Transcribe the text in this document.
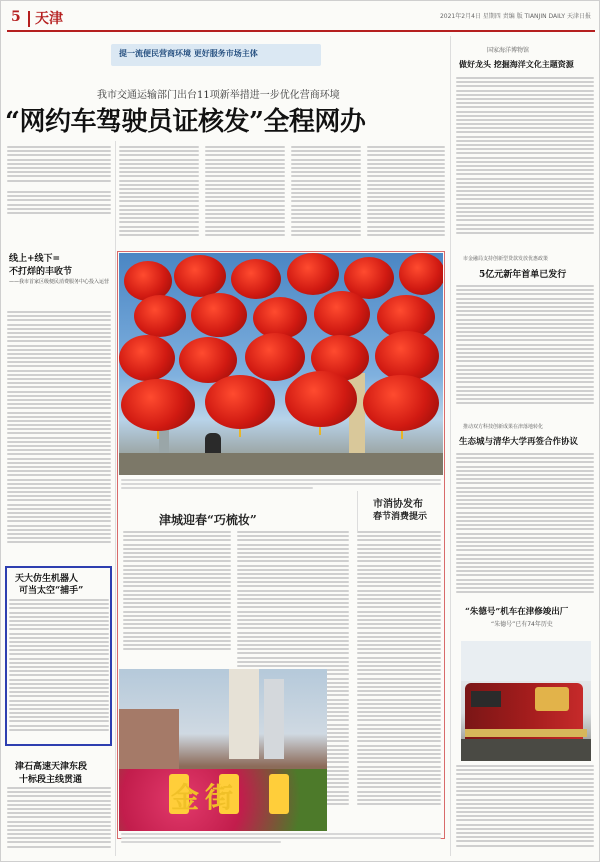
5 天津	2021年2月4日 星期四 责编 版 TIANJIN DAILY 天津日报
提一流便民营商环境 更好服务市场主体
我市交通运输部门出台11项新举措进一步优化营商环境
“网约车驾驶员证核发”全程网办
线上+线下=
不打烊的丰收节
——我市首家区级便民消费服务中心投入运营
天大仿生机器人
可当太空“捕手”
津石高速天津东段
十标段主线贯通
津城迎春“巧梳妆”
市消协发布
春节消费提示
金街
国家海洋博物馆
做好龙头 挖掘海洋文化主题资源
市金融局支持创新型贷款发放优惠政策
5亿元新年首单已发行
推动双方科技创新成果在津落地转化
生态城与清华大学再签合作协议
“朱德号”机车在津修竣出厂
“朱德号”已有74年历史
